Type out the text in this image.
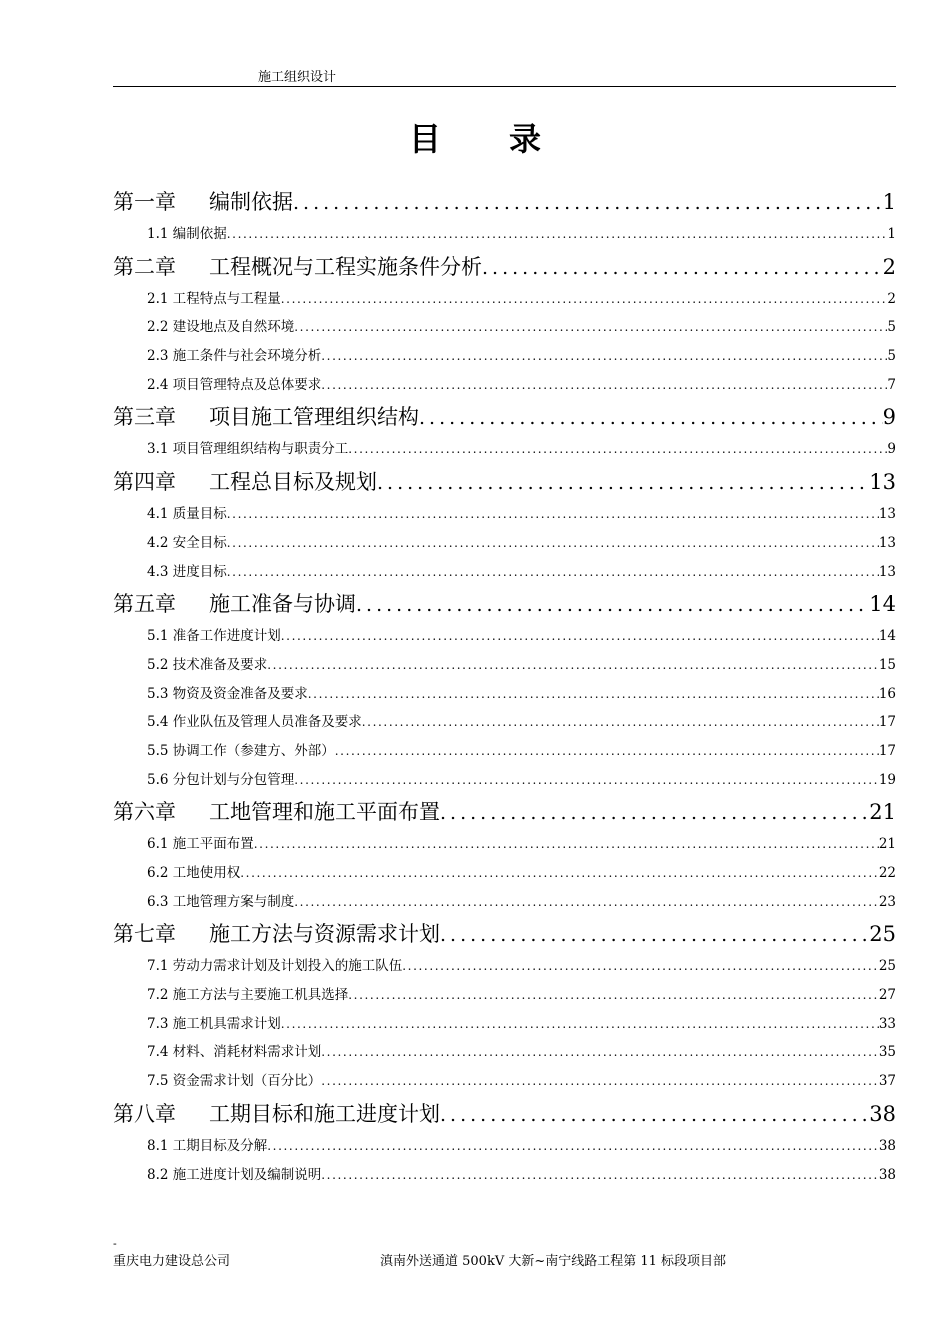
施工组织设计
目录
第一章 编制依据 .....	1
1.1 编制依据 .....	1
第二章 工程概况与工程实施条件分析 .....	2
2.1 工程特点与工程量 .....	2
2.2 建设地点及自然环境 .....	5
2.3 施工条件与社会环境分析 .....	5
2.4 项目管理特点及总体要求 .....	7
第三章 项目施工管理组织结构 .....	9
3.1 项目管理组织结构与职责分工 .....	9
第四章 工程总目标及规划 .....	13
4.1 质量目标 .....	13
4.2 安全目标 .....	13
4.3 进度目标 .....	13
第五章 施工准备与协调 .....	14
5.1 准备工作进度计划 .....	14
5.2 技术准备及要求 .....	15
5.3 物资及资金准备及要求 .....	16
5.4 作业队伍及管理人员准备及要求 .....	17
5.5 协调工作（参建方、外部） .....	17
5.6 分包计划与分包管理 .....	19
第六章 工地管理和施工平面布置 .....	21
6.1 施工平面布置 .....	21
6.2 工地使用权 .....	22
6.3 工地管理方案与制度 .....	23
第七章 施工方法与资源需求计划 .....	25
7.1 劳动力需求计划及计划投入的施工队伍 .....	25
7.2 施工方法与主要施工机具选择 .....	27
7.3 施工机具需求计划 .....	33
7.4 材料、消耗材料需求计划 .....	35
7.5 资金需求计划（百分比） .....	37
第八章 工期目标和施工进度计划 .....	38
8.1 工期目标及分解 .....	38
8.2 施工进度计划及编制说明 .....	38
-
重庆电力建设总公司	滇南外送通道 500kV 大新~南宁线路工程第 11 标段项目部
